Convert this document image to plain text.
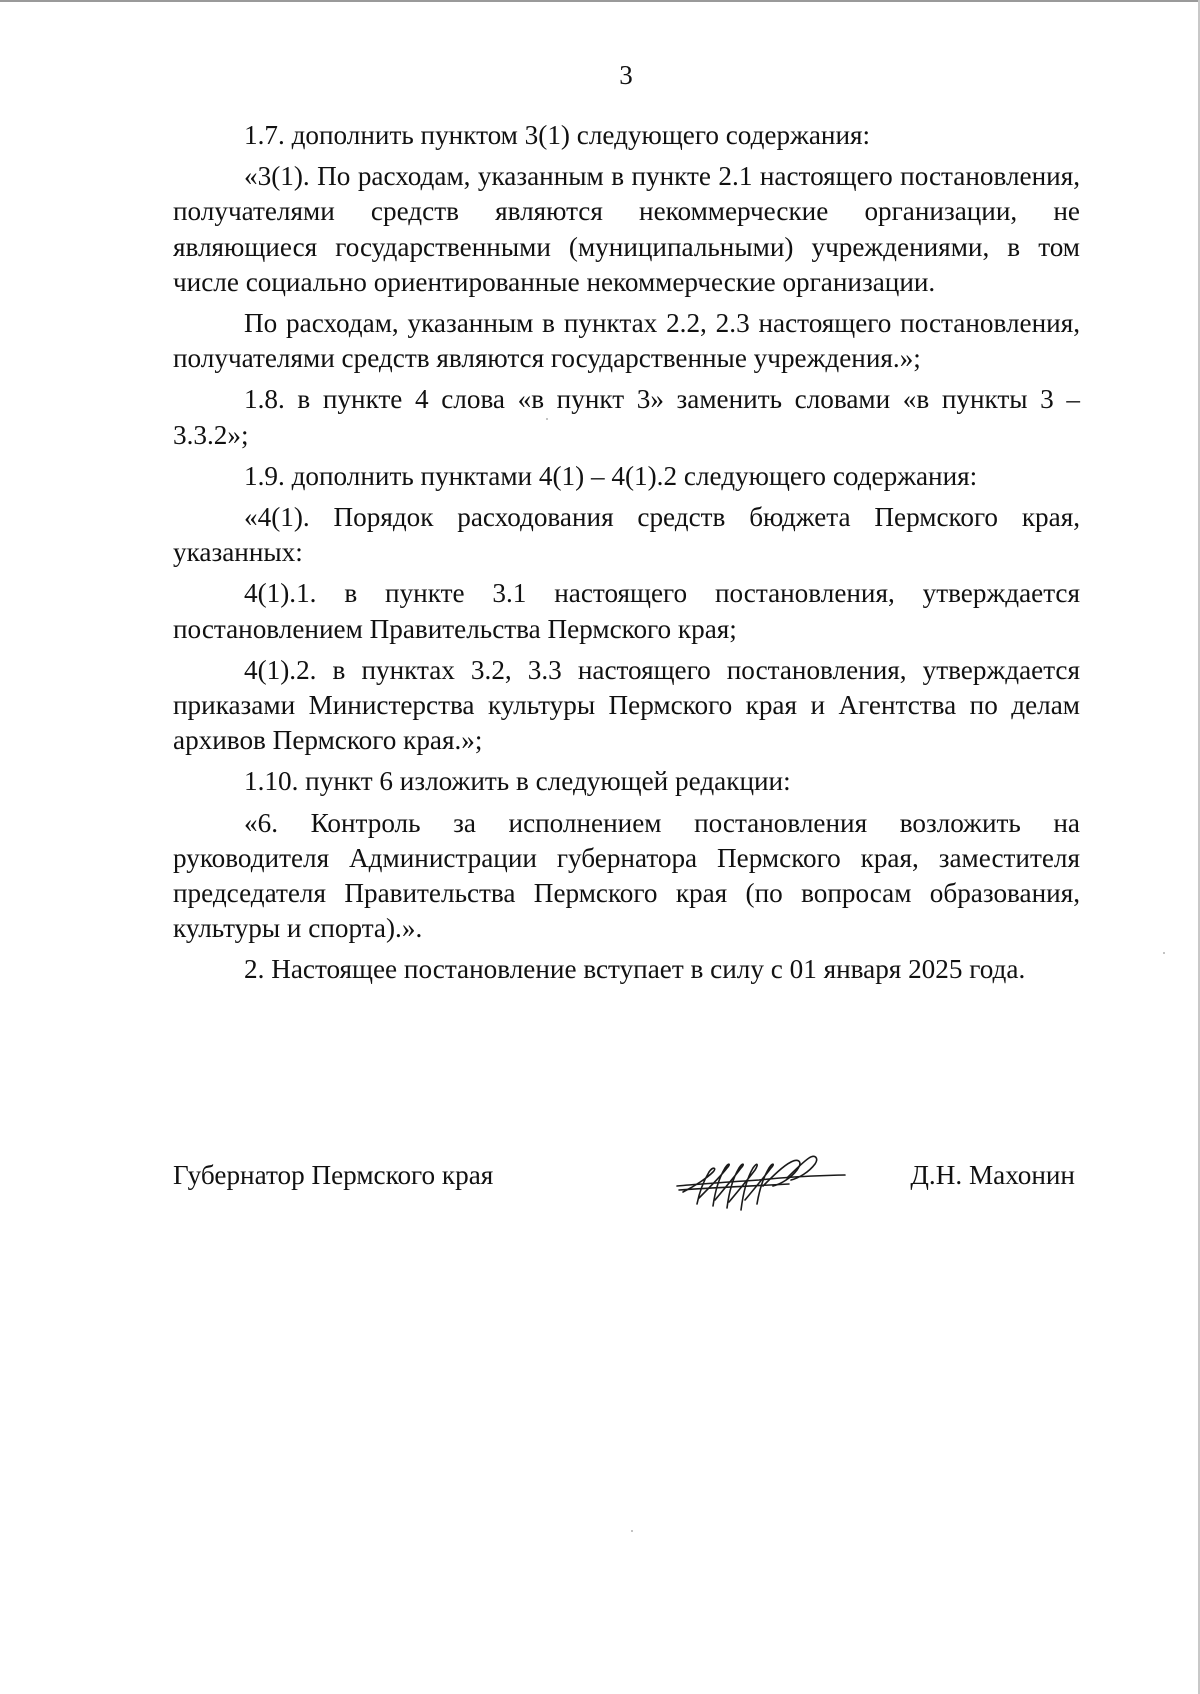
3

1.7. дополнить пунктом 3(1) следующего содержания:

«3(1). По расходам, указанным в пункте 2.1 настоящего постановления, получателями средств являются некоммерческие организации, не являющиеся государственными (муниципальными) учреждениями, в том числе социально ориентированные некоммерческие организации.

По расходам, указанным в пунктах 2.2, 2.3 настоящего постановления, получателями средств являются государственные учреждения.»;

1.8. в пункте 4 слова «в пункт 3» заменить словами «в пункты 3 – 3.3.2»;

1.9. дополнить пунктами 4(1) – 4(1).2 следующего содержания:

«4(1). Порядок расходования средств бюджета Пермского края, указанных:

4(1).1. в пункте 3.1 настоящего постановления, утверждается постановлением Правительства Пермского края;

4(1).2. в пунктах 3.2, 3.3 настоящего постановления, утверждается приказами Министерства культуры Пермского края и Агентства по делам архивов Пермского края.»;

1.10. пункт 6 изложить в следующей редакции:

«6. Контроль за исполнением постановления возложить на руководителя Администрации губернатора Пермского края, заместителя председателя Правительства Пермского края (по вопросам образования, культуры и спорта).».

2. Настоящее постановление вступает в силу с 01 января 2025 года.

Губернатор Пермского края	Д.Н. Махонин
